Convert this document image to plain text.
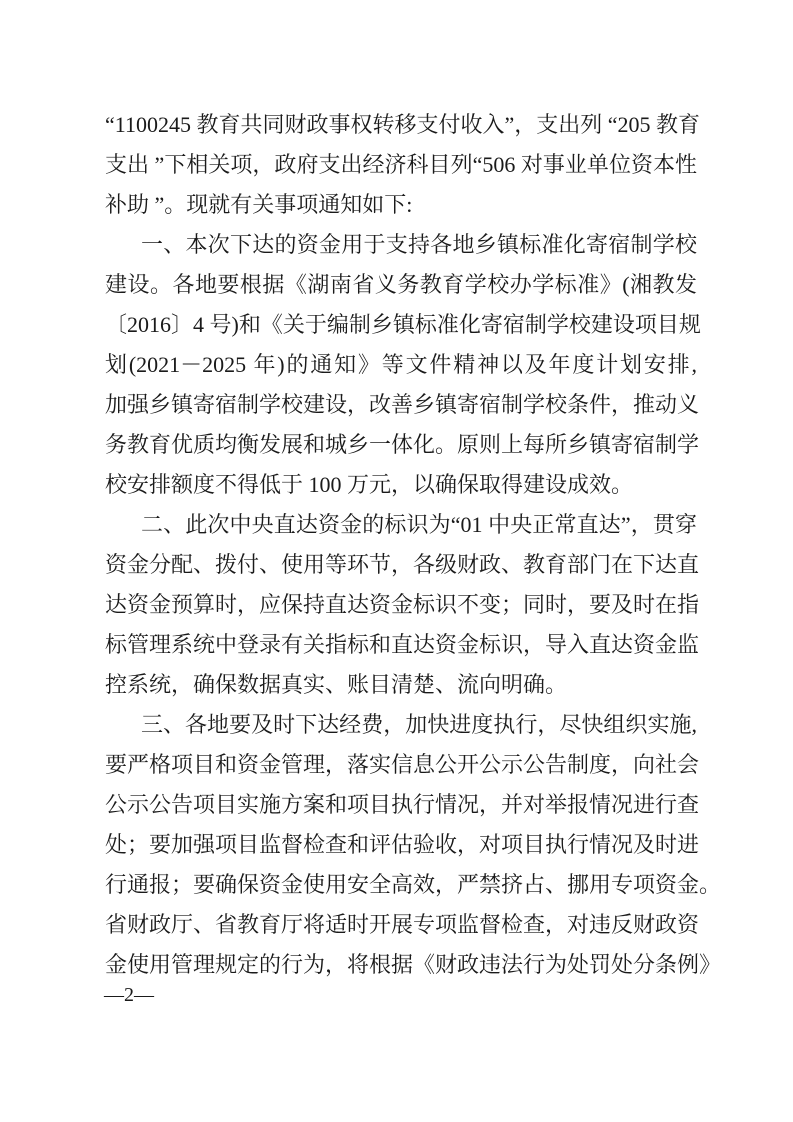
“1100245 教育共同财政事权转移支付收入”，支出列 “205 教育
支出 ”下相关项，政府支出经济科目列“506 对事业单位资本性
补助 ”。现就有关事项通知如下:
一、本次下达的资金用于支持各地乡镇标准化寄宿制学校
建设。各地要根据《湖南省义务教育学校办学标准》(湘教发
〔2016〕4 号)和《关于编制乡镇标准化寄宿制学校建设项目规
划(2021－2025 年)的通知》等文件精神以及年度计划安排,
加强乡镇寄宿制学校建设，改善乡镇寄宿制学校条件，推动义
务教育优质均衡发展和城乡一体化。原则上每所乡镇寄宿制学
校安排额度不得低于 100 万元，以确保取得建设成效。
二、此次中央直达资金的标识为“01 中央正常直达”，贯穿
资金分配、拨付、使用等环节，各级财政、教育部门在下达直
达资金预算时，应保持直达资金标识不变；同时，要及时在指
标管理系统中登录有关指标和直达资金标识，导入直达资金监
控系统，确保数据真实、账目清楚、流向明确。
三、各地要及时下达经费，加快进度执行，尽快组织实施,
要严格项目和资金管理，落实信息公开公示公告制度，向社会
公示公告项目实施方案和项目执行情况，并对举报情况进行查
处；要加强项目监督检查和评估验收，对项目执行情况及时进
行通报；要确保资金使用安全高效，严禁挤占、挪用专项资金。
省财政厅、省教育厅将适时开展专项监督检查，对违反财政资
金使用管理规定的行为，将根据《财政违法行为处罚处分条例》
—2—
